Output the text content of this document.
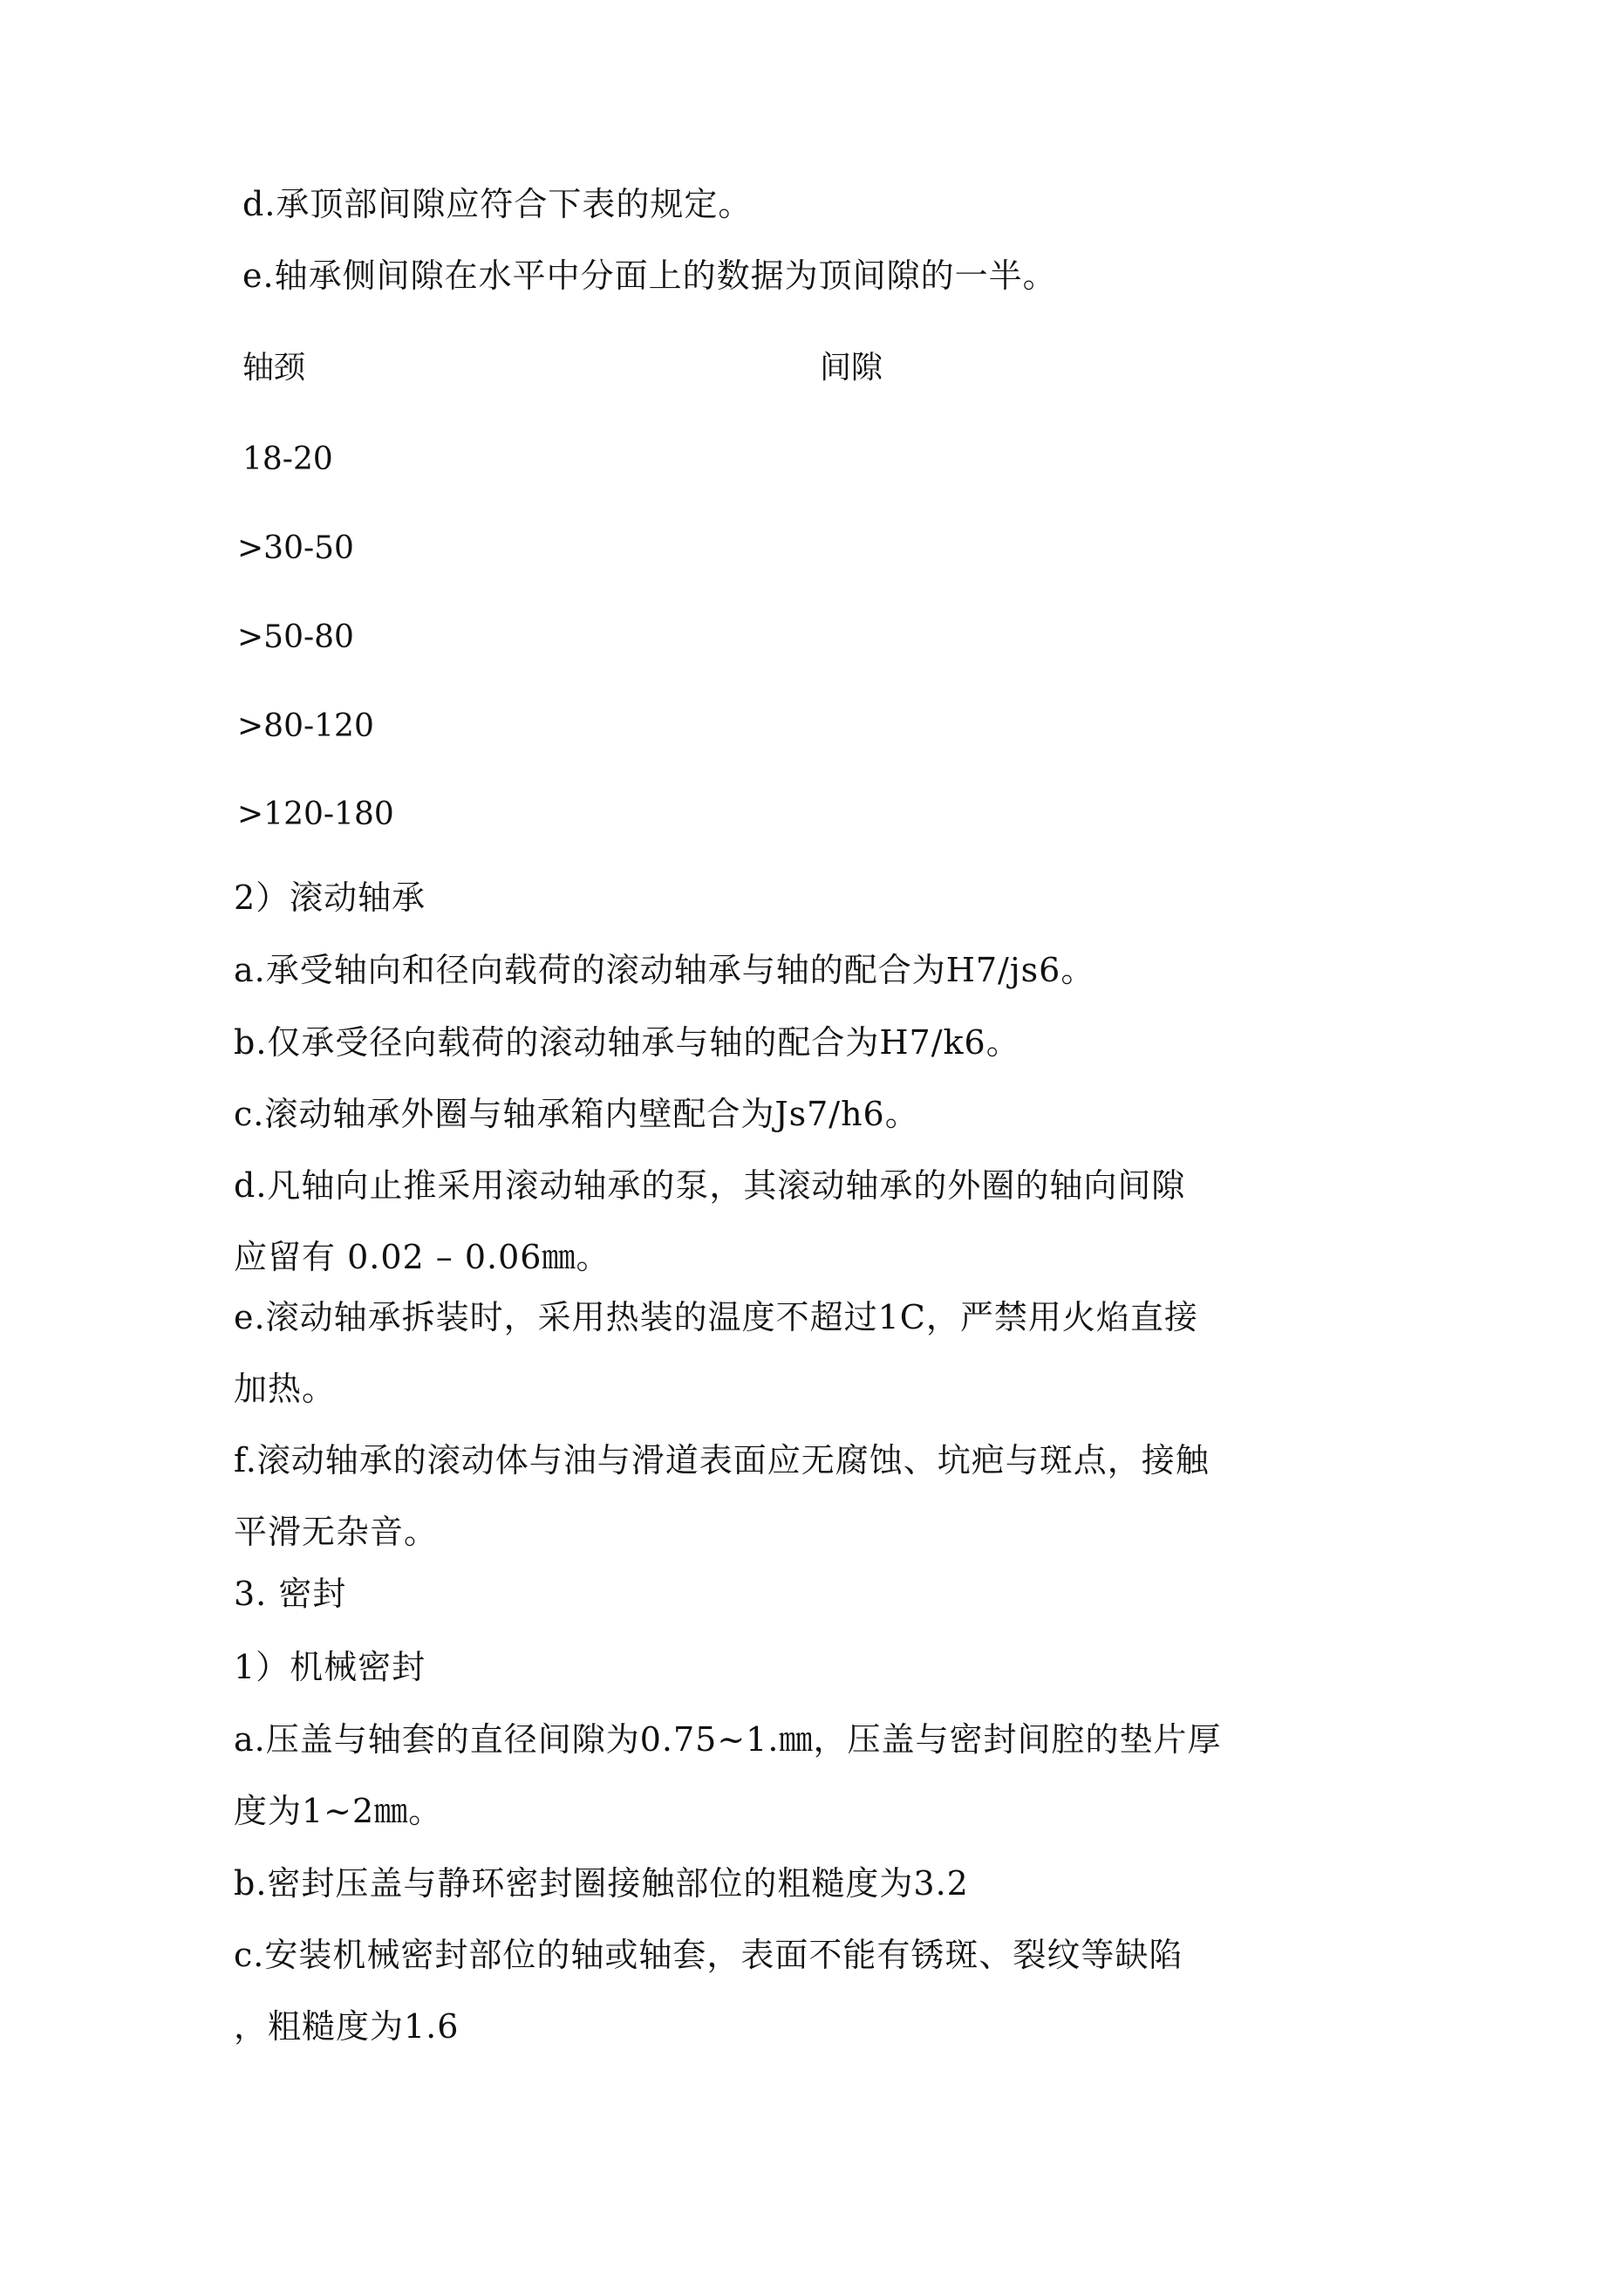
d.承顶部间隙应符合下表的规定。
e.轴承侧间隙在水平中分面上的数据为顶间隙的一半。
轴颈	间隙
18-20
>30-50
>50-80
>80-120
>120-180
2）滚动轴承
a.承受轴向和径向载荷的滚动轴承与轴的配合为H7/js6。
b.仅承受径向载荷的滚动轴承与轴的配合为H7/k6。
c.滚动轴承外圈与轴承箱内壁配合为Js7/h6。
d.凡轴向止推采用滚动轴承的泵，其滚动轴承的外圈的轴向间隙
应留有 0.02 – 0.06㎜。
e.滚动轴承拆装时，采用热装的温度不超过1C，严禁用火焰直接
加热。
f.滚动轴承的滚动体与油与滑道表面应无腐蚀、坑疤与斑点，接触
平滑无杂音。
3. 密封
1）机械密封
a.压盖与轴套的直径间隙为0.75~1.㎜，压盖与密封间腔的垫片厚
度为1~2㎜。
b.密封压盖与静环密封圈接触部位的粗糙度为3.2
c.安装机械密封部位的轴或轴套，表面不能有锈斑、裂纹等缺陷
，粗糙度为1.6
